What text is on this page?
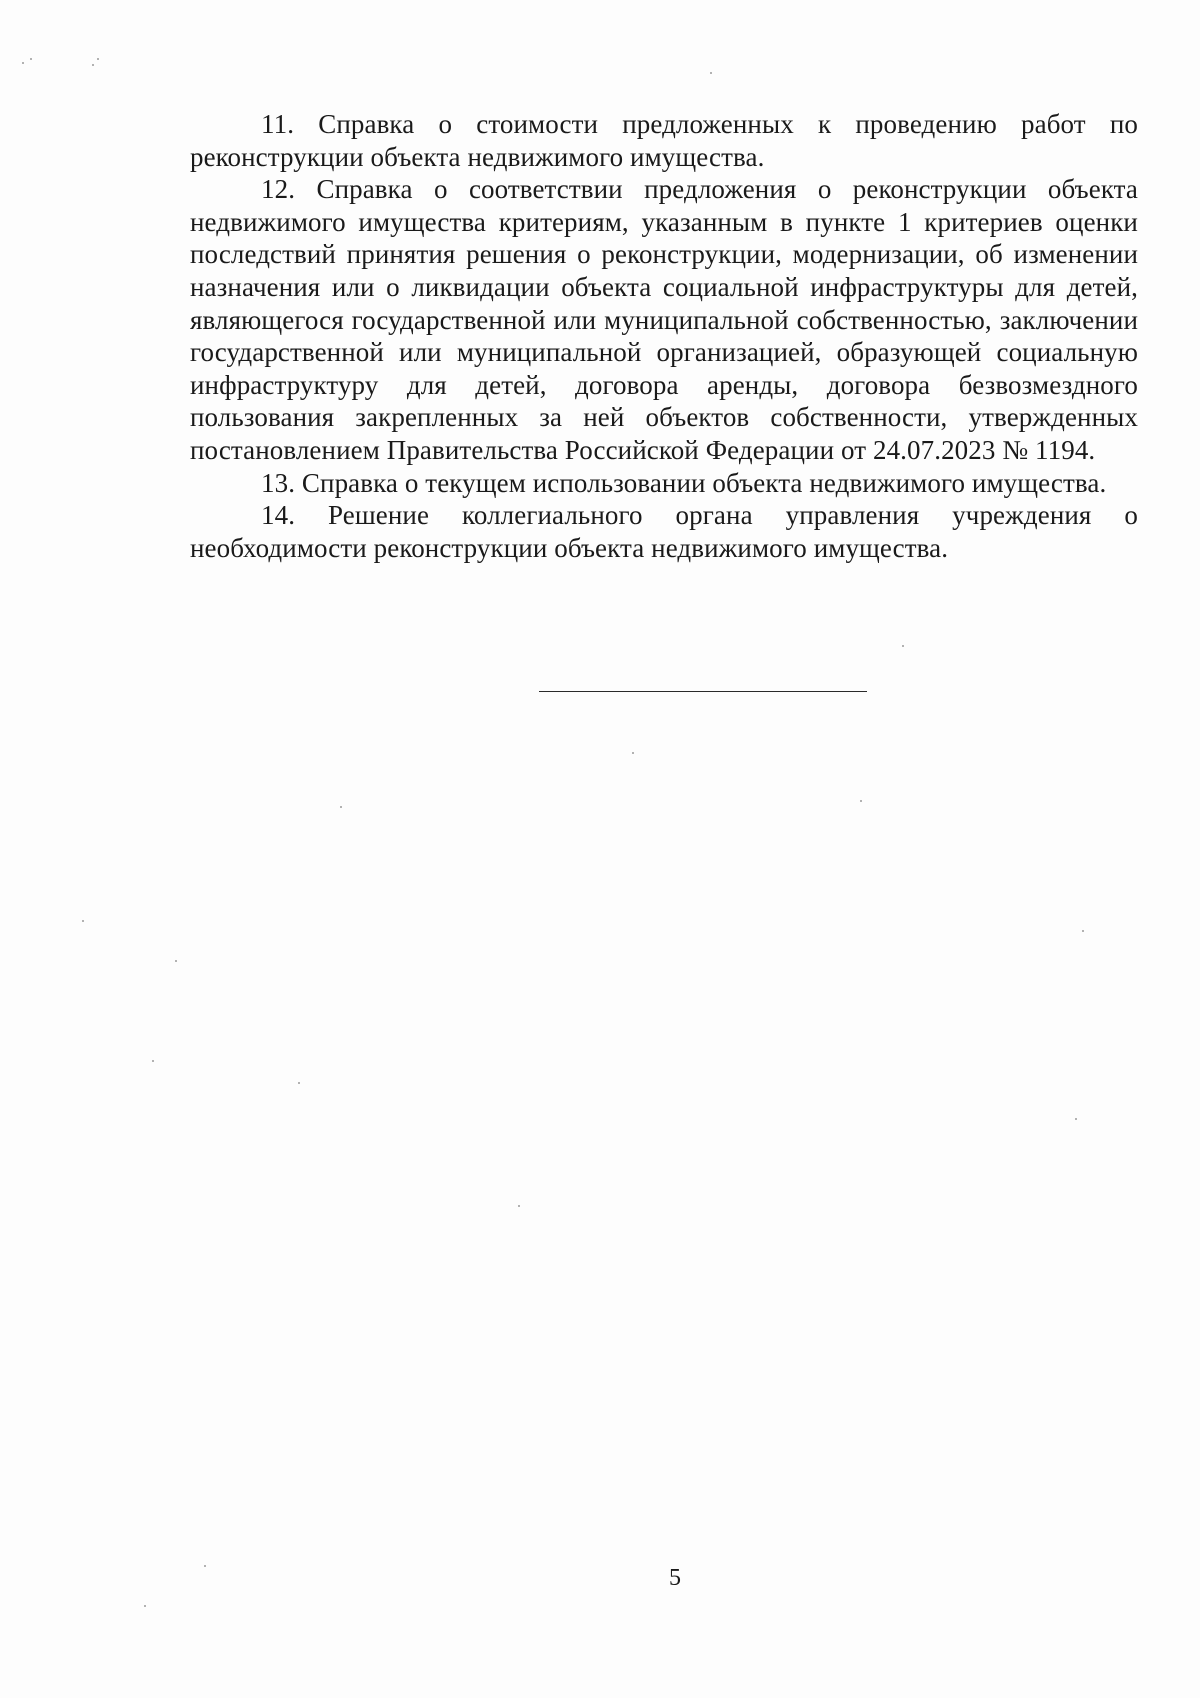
11. Справка о стоимости предложенных к проведению работ по реконструкции объекта недвижимого имущества.

12. Справка о соответствии предложения о реконструкции объекта недвижимого имущества критериям, указанным в пункте 1 критериев оценки последствий принятия решения о реконструкции, модернизации, об изменении назначения или о ликвидации объекта социальной инфраструктуры для детей, являющегося государственной или муниципальной собственностью, заключении государственной или муниципальной организацией, образующей социальную инфраструктуру для детей, договора аренды, договора безвозмездного пользования закрепленных за ней объектов собственности, утвержденных постановлением Правительства Российской Федерации от 24.07.2023 № 1194.

13. Справка о текущем использовании объекта недвижимого имущества.

14. Решение коллегиального органа управления учреждения о необходимости реконструкции объекта недвижимого имущества.

5
